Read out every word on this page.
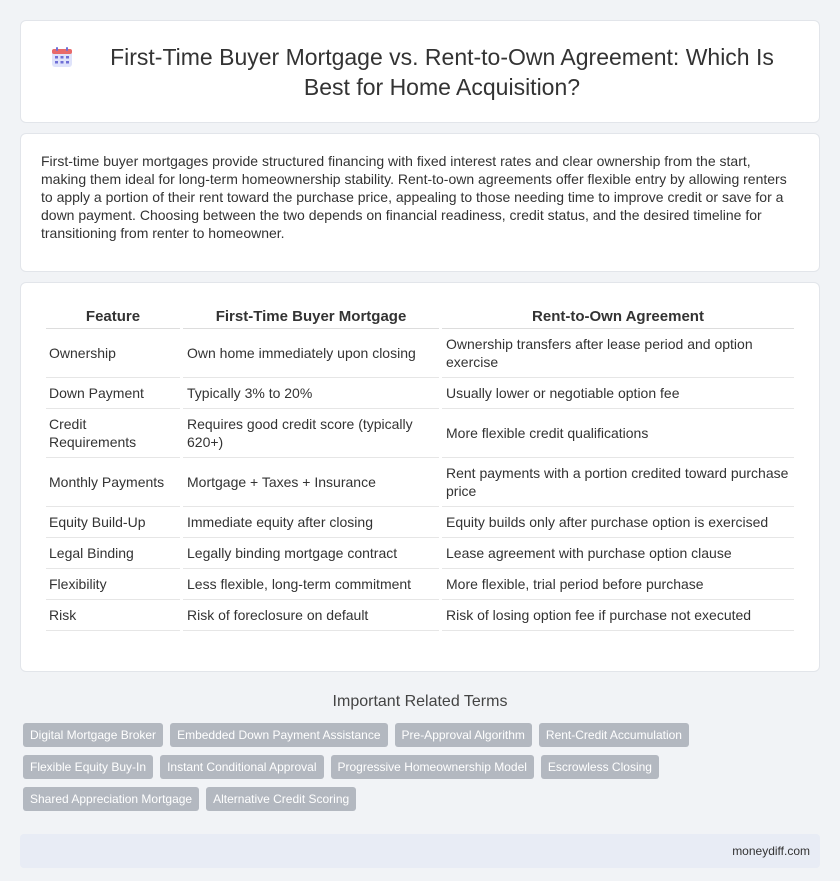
First-Time Buyer Mortgage vs. Rent-to-Own Agreement: Which Is Best for Home Acquisition?

First-time buyer mortgages provide structured financing with fixed interest rates and clear ownership from the start, making them ideal for long-term homeownership stability. Rent-to-own agreements offer flexible entry by allowing renters to apply a portion of their rent toward the purchase price, appealing to those needing time to improve credit or save for a down payment. Choosing between the two depends on financial readiness, credit status, and the desired timeline for transitioning from renter to homeowner.

Feature	First-Time Buyer Mortgage	Rent-to-Own Agreement
Ownership	Own home immediately upon closing	Ownership transfers after lease period and option exercise
Down Payment	Typically 3% to 20%	Usually lower or negotiable option fee
Credit Requirements	Requires good credit score (typically 620+)	More flexible credit qualifications
Monthly Payments	Mortgage + Taxes + Insurance	Rent payments with a portion credited toward purchase price
Equity Build-Up	Immediate equity after closing	Equity builds only after purchase option is exercised
Legal Binding	Legally binding mortgage contract	Lease agreement with purchase option clause
Flexibility	Less flexible, long-term commitment	More flexible, trial period before purchase
Risk	Risk of foreclosure on default	Risk of losing option fee if purchase not executed
Important Related Terms
Digital Mortgage Broker	Embedded Down Payment Assistance	Pre-Approval Algorithm	Rent-Credit Accumulation
Flexible Equity Buy-In	Instant Conditional Approval	Progressive Homeownership Model	Escrowless Closing
Shared Appreciation Mortgage	Alternative Credit Scoring
moneydiff.com
